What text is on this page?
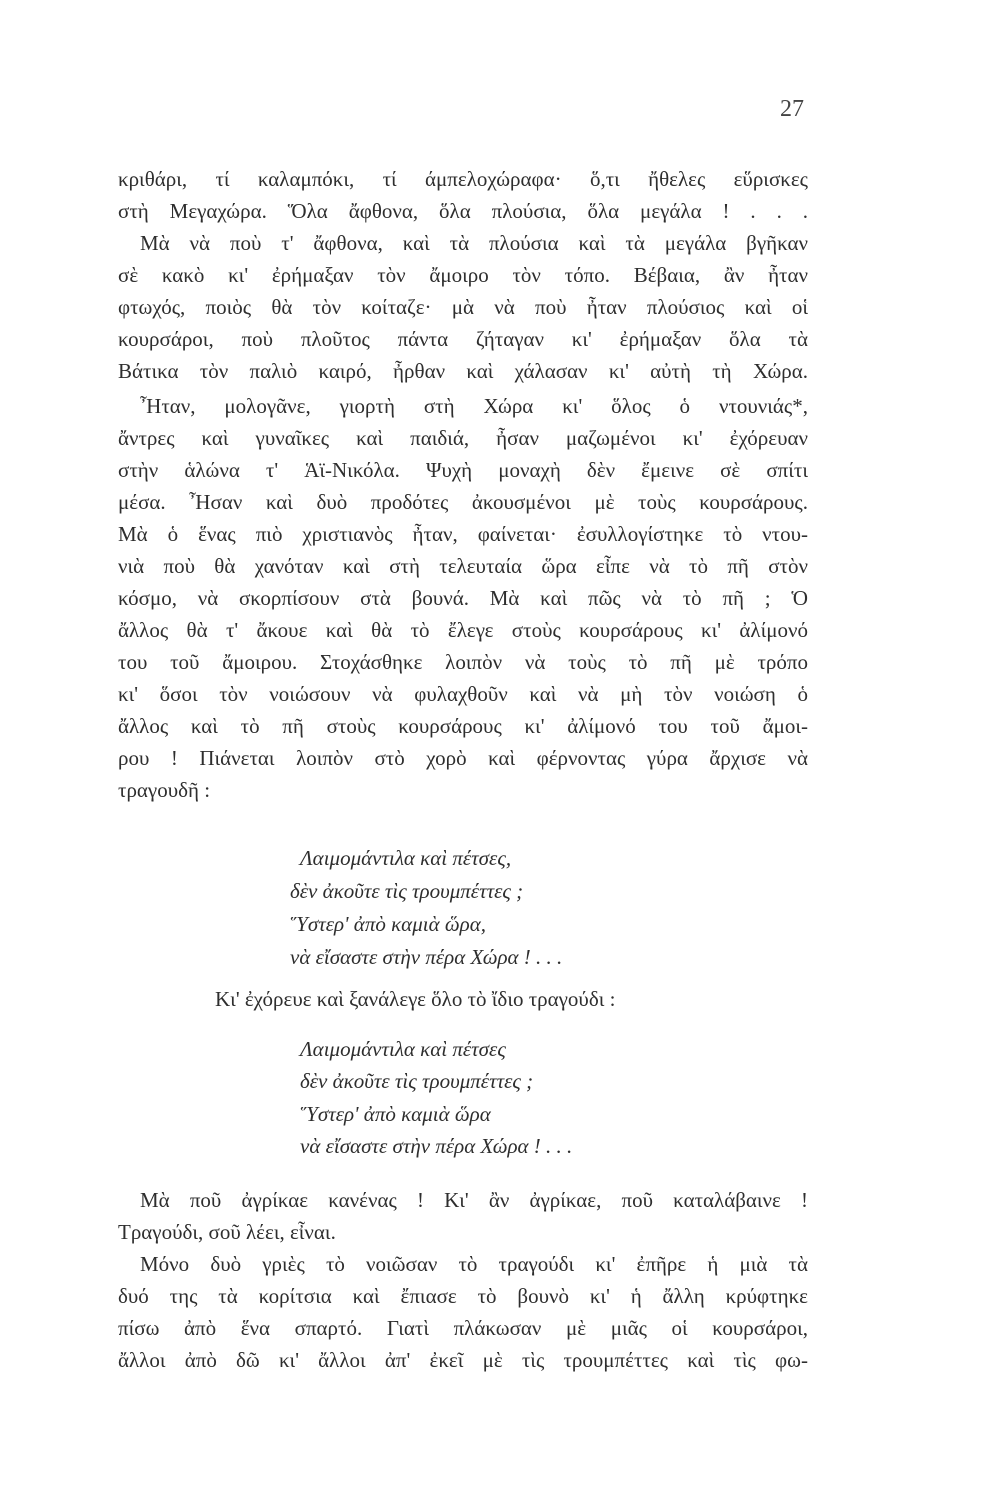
27
κριθάρι, τί καλαμπόκι, τί άμπελοχώραφα· ὅ,τι ἤθελες εὕρισκες
στὴ Μεγαχώρα. Ὅλα ἄφθονα, ὅλα πλούσια, ὅλα μεγάλα ! . . .
Μὰ νὰ ποὺ τ' ἄφθονα, καὶ τὰ πλούσια καὶ τὰ μεγάλα βγῆκαν
σὲ κακὸ κι' ἐρήμαξαν τὸν ἄμοιρο τὸν τόπο. Βέβαια, ἂν ἦταν
φτωχός, ποιὸς θὰ τὸν κοίταζε· μὰ νὰ ποὺ ἦταν πλούσιος καὶ οἱ
κουρσάροι, ποὺ πλοῦτος πάντα ζήταγαν κι' ἐρήμαξαν ὅλα τὰ
Βάτικα τὸν παλιὸ καιρό, ἦρθαν καὶ χάλασαν κι' αὐτὴ τὴ Χώρα.
Ἦταν, μολογᾶνε, γιορτὴ στὴ Χώρα κι' ὅλος ὁ ντουνιάς*,
ἄντρες καὶ γυναῖκες καὶ παιδιά, ἦσαν μαζωμένοι κι' ἐχόρευαν
στὴν ἁλώνα τ' Ἁϊ-Νικόλα. Ψυχὴ μοναχὴ δὲν ἔμεινε σὲ σπίτι
μέσα. Ἦσαν καὶ δυὸ προδότες ἀκουσμένοι μὲ τοὺς κουρσάρους.
Μὰ ὁ ἕνας πιὸ χριστιανὸς ἦταν, φαίνεται· ἐσυλλογίστηκε τὸ ντου-
νιὰ ποὺ θὰ χανόταν καὶ στὴ τελευταία ὥρα εἶπε νὰ τὸ πῆ στὸν
κόσμο, νὰ σκορπίσουν στὰ βουνά. Μὰ καὶ πῶς νὰ τὸ πῆ ; Ὁ
ἄλλος θὰ τ' ἄκουε καὶ θὰ τὸ ἔλεγε στοὺς κουρσάρους κι' ἀλίμονό
του τοῦ ἄμοιρου. Στοχάσθηκε λοιπὸν νὰ τοὺς τὸ πῆ μὲ τρόπο
κι' ὅσοι τὸν νοιώσουν νὰ φυλαχθοῦν καὶ νὰ μὴ τὸν νοιώση ὁ
ἄλλος καὶ τὸ πῆ στοὺς κουρσάρους κι' ἀλίμονό του τοῦ ἄμοι-
ρου ! Πιάνεται λοιπὸν στὸ χορὸ καὶ φέρνοντας γύρα ἄρχισε νὰ
τραγουδῆ :
Λαιμομάντιλα καὶ πέτσες,
δὲν ἀκοῦτε τὶς τρουμπέττες ;
Ὕστερ' ἀπὸ καμιὰ ὥρα,
νὰ εἴσαστε στὴν πέρα Χώρα ! . . .
Κι' ἐχόρευε καὶ ξανάλεγε ὅλο τὸ ἴδιο τραγούδι :
Λαιμομάντιλα καὶ πέτσες
δὲν ἀκοῦτε τὶς τρουμπέττες ;
Ὕστερ' ἀπὸ καμιὰ ὥρα
νὰ εἴσαστε στὴν πέρα Χώρα ! . . .
Μὰ ποῦ ἀγρίκαε κανένας ! Κι' ἂν ἀγρίκαε, ποῦ καταλάβαινε !
Τραγούδι, σοῦ λέει, εἶναι.
Μόνο δυὸ γριὲς τὸ νοιῶσαν τὸ τραγούδι κι' ἐπῆρε ἡ μιὰ τὰ
δυό της τὰ κορίτσια καὶ ἔπιασε τὸ βουνὸ κι' ἡ ἄλλη κρύφτηκε
πίσω ἀπὸ ἕνα σπαρτό. Γιατὶ πλάκωσαν μὲ μιᾶς οἱ κουρσάροι,
ἄλλοι ἀπὸ δῶ κι' ἄλλοι ἀπ' ἐκεῖ μὲ τὶς τρουμπέττες καὶ τὶς φω-
